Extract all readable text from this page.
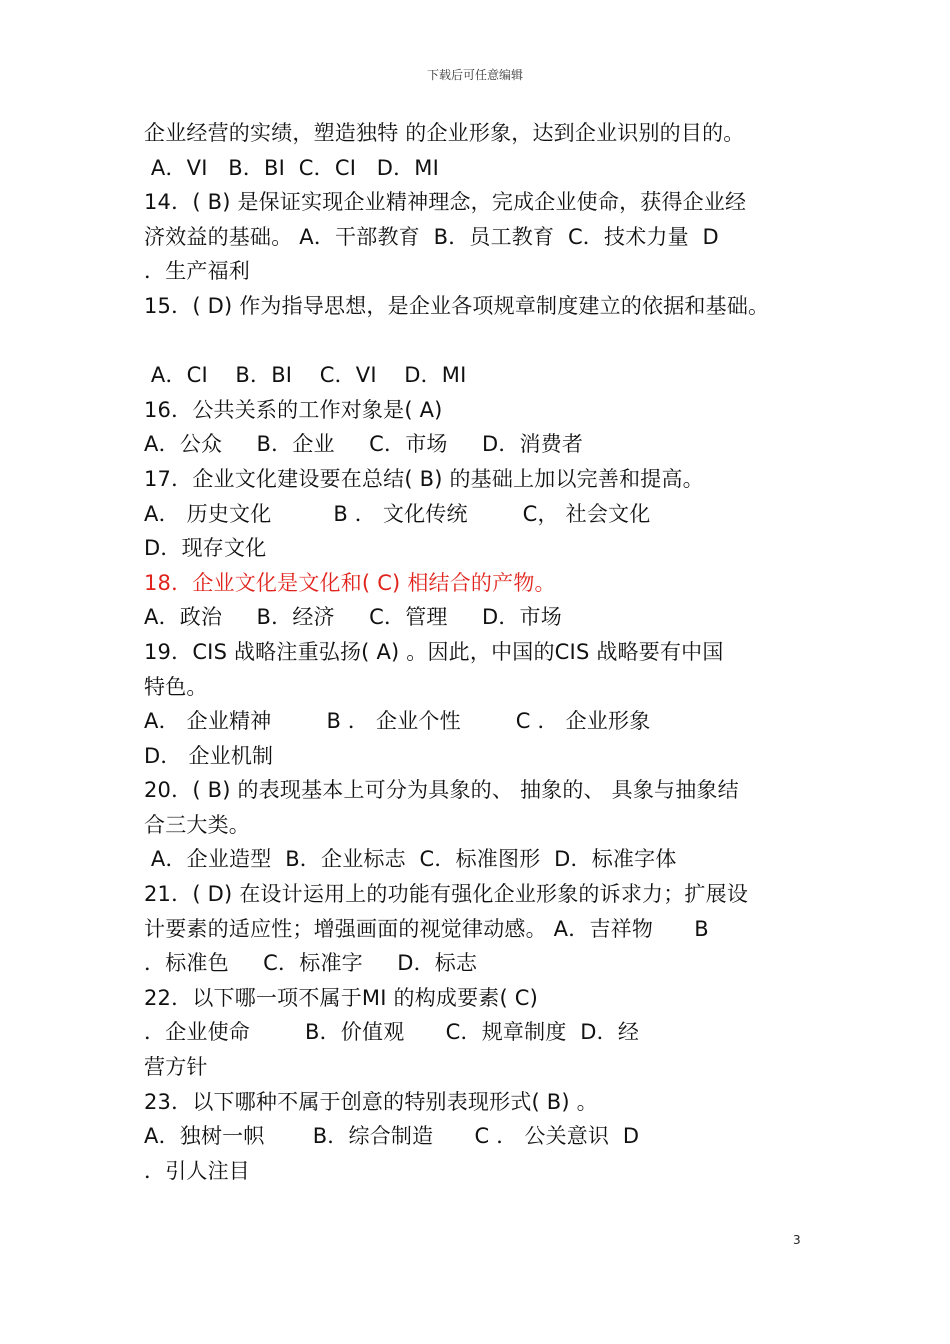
下载后可任意编辑
企业经营的实绩，塑造独特 的企业形象，达到企业识别的目的。
A．VI   B．BI  C．CI   D．MI
14．( B) 是保证实现企业精神理念，完成企业使命，获得企业经
济效益的基础。 A．干部教育  B．员工教育  C．技术力量  D
．生产福利
15．( D) 作为指导思想，是企业各项规章制度建立的依据和基础。
A．CI    B．BI    C．VI    D．MI
16．公共关系的工作对象是( A)
A．公众     B．企业     C．市场     D．消费者
17．企业文化建设要在总结( B) 的基础上加以完善和提高。
A． 历史文化         B ． 文化传统        C， 社会文化
D．现存文化
18．企业文化是文化和( C) 相结合的产物。
A．政治     B．经济     C．管理     D．市场
19．CIS 战略注重弘扬( A) 。因此，中国的CIS 战略要有中国
特色。
A． 企业精神        B ． 企业个性        C ． 企业形象
D． 企业机制
20．( B) 的表现基本上可分为具象的、 抽象的、 具象与抽象结
合三大类。
A．企业造型  B．企业标志  C．标准图形  D．标准字体
21．( D) 在设计运用上的功能有强化企业形象的诉求力；扩展设
计要素的适应性；增强画面的视觉律动感。 A．吉祥物      B
．标准色     C．标准字     D．标志
22．以下哪一项不属于MI 的构成要素( C)
．企业使命        B．价值观      C．规章制度  D．经
营方针
23．以下哪种不属于创意的特别表现形式( B) 。
A．独树一帜       B．综合制造      C ． 公关意识  D
．引人注目
3
